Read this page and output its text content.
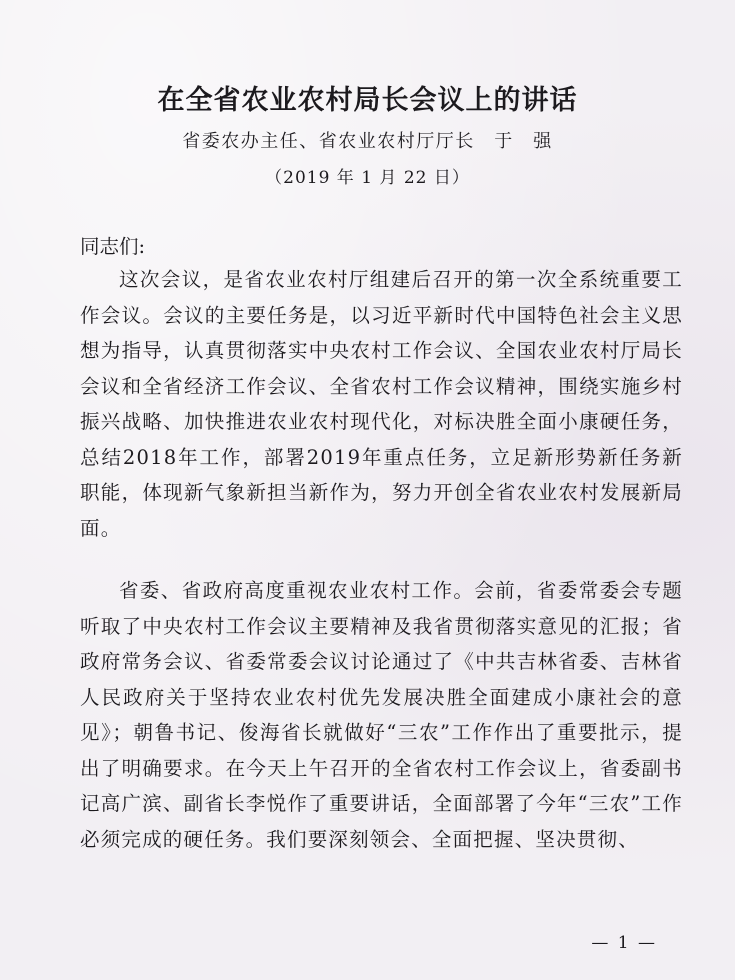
在全省农业农村局长会议上的讲话
省委农办主任、省农业农村厅厅长　于　强
（2019 年 1 月 22 日）
同志们:

这次会议，是省农业农村厅组建后召开的第一次全系统重要工作会议。会议的主要任务是，以习近平新时代中国特色社会主义思想为指导，认真贯彻落实中央农村工作会议、全国农业农村厅局长会议和全省经济工作会议、全省农村工作会议精神，围绕实施乡村振兴战略、加快推进农业农村现代化，对标决胜全面小康硬任务，总结2018年工作，部署2019年重点任务，立足新形势新任务新职能，体现新气象新担当新作为，努力开创全省农业农村发展新局面。

省委、省政府高度重视农业农村工作。会前，省委常委会专题听取了中央农村工作会议主要精神及我省贯彻落实意见的汇报；省政府常务会议、省委常委会议讨论通过了《中共吉林省委、吉林省人民政府关于坚持农业农村优先发展决胜全面建成小康社会的意见》；朝鲁书记、俊海省长就做好“三农”工作作出了重要批示，提出了明确要求。在今天上午召开的全省农村工作会议上，省委副书记高广滨、副省长李悦作了重要讲话，全面部署了今年“三农”工作必须完成的硬任务。我们要深刻领会、全面把握、坚决贯彻、

— 1 —
